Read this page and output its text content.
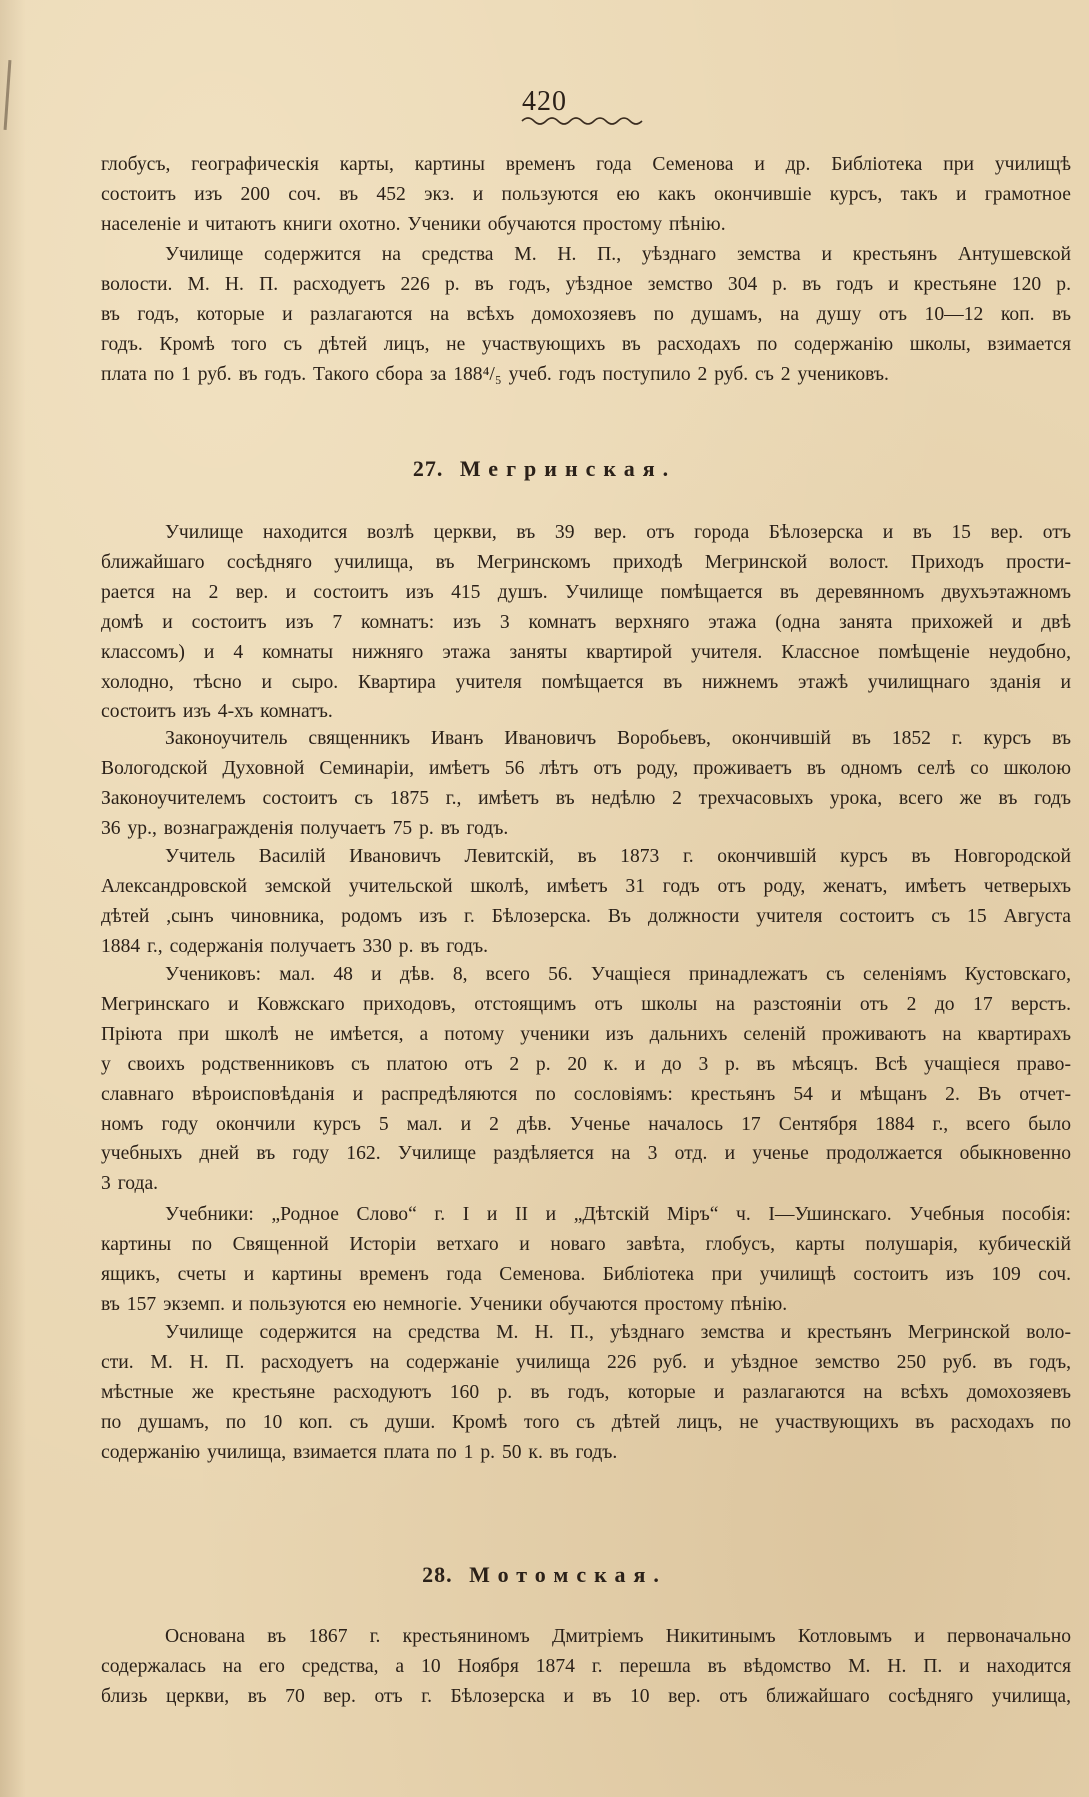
420

глобусъ, географическія карты, картины временъ года Семенова и др. Библіотека при училищѣ

состоитъ изъ 200 соч. въ 452 экз. и пользуются ею какъ окончившіе курсъ, такъ и грамотное

населеніе и читаютъ книги охотно. Ученики обучаются простому пѣнію.

Училище содержится на средства М. Н. П., уѣзднаго земства и крестьянъ Антушевской

волости. М. Н. П. расходуетъ 226 р. въ годъ, уѣздное земство 304 р. въ годъ и крестьяне 120 р.

въ годъ, которые и разлагаются на всѣхъ домохозяевъ по душамъ, на душу отъ 10—12 коп. въ

годъ. Кромѣ того съ дѣтей лицъ, не участвующихъ въ расходахъ по содержанію школы, взимается

плата по 1 руб. въ годъ. Такого сбора за 188⁴/₅ учеб. годъ поступило 2 руб. съ 2 учениковъ.

27. Мегринская.

Училище находится возлѣ церкви, въ 39 вер. отъ города Бѣлозерска и въ 15 вер. отъ

ближайшаго сосѣдняго училища, въ Мегринскомъ приходѣ Мегринской волост. Приходъ прости-

рается на 2 вер. и состоитъ изъ 415 душъ. Училище помѣщается въ деревянномъ двухъэтажномъ

домѣ и состоитъ изъ 7 комнатъ: изъ 3 комнатъ верхняго этажа (одна занята прихожей и двѣ

классомъ) и 4 комнаты нижняго этажа заняты квартирой учителя. Классное помѣщеніе неудобно,

холодно, тѣсно и сыро. Квартира учителя помѣщается въ нижнемъ этажѣ училищнаго зданія и

состоитъ изъ 4-хъ комнатъ.

Законоучитель священникъ Иванъ Ивановичъ Воробьевъ, окончившій въ 1852 г. курсъ въ

Вологодской Духовной Семинаріи, имѣетъ 56 лѣтъ отъ роду, проживаетъ въ одномъ селѣ со школою

Законоучителемъ состоитъ съ 1875 г., имѣетъ въ недѣлю 2 трехчасовыхъ урока, всего же въ годъ

36 ур., вознагражденія получаетъ 75 р. въ годъ.

Учитель Василій Ивановичъ Левитскій, въ 1873 г. окончившій курсъ въ Новгородской

Александровской земской учительской школѣ, имѣетъ 31 годъ отъ роду, женатъ, имѣетъ четверыхъ

дѣтей ,сынъ чиновника, родомъ изъ г. Бѣлозерска. Въ должности учителя состоитъ съ 15 Августа

1884 г., содержанія получаетъ 330 р. въ годъ.

Учениковъ: мал. 48 и дѣв. 8, всего 56. Учащіеся принадлежатъ съ селеніямъ Кустовскаго,

Мегринскаго и Ковжскаго приходовъ, отстоящимъ отъ школы на разстояніи отъ 2 до 17 верстъ.

Пріюта при школѣ не имѣется, а потому ученики изъ дальнихъ селеній проживаютъ на квартирахъ

у своихъ родственниковъ съ платою отъ 2 р. 20 к. и до 3 р. въ мѣсяцъ. Всѣ учащіеся право-

славнаго вѣроисповѣданія и распредѣляются по сословіямъ: крестьянъ 54 и мѣщанъ 2. Въ отчет-

номъ году окончили курсъ 5 мал. и 2 дѣв. Ученье началось 17 Сентября 1884 г., всего было

учебныхъ дней въ году 162. Училище раздѣляется на 3 отд. и ученье продолжается обыкновенно

3 года.

Учебники: „Родное Слово“ г. I и II и „Дѣтскій Міръ“ ч. I—Ушинскаго. Учебныя пособія:

картины по Священной Исторіи ветхаго и новаго завѣта, глобусъ, карты полушарія, кубическій

ящикъ, счеты и картины временъ года Семенова. Библіотека при училищѣ состоитъ изъ 109 соч.

въ 157 экземп. и пользуются ею немногіе. Ученики обучаются простому пѣнію.

Училище содержится на средства М. Н. П., уѣзднаго земства и крестьянъ Мегринской воло-

сти. М. Н. П. расходуетъ на содержаніе училища 226 руб. и уѣздное земство 250 руб. въ годъ,

мѣстные же крестьяне расходуютъ 160 р. въ годъ, которые и разлагаются на всѣхъ домохозяевъ

по душамъ, по 10 коп. съ души. Кромѣ того съ дѣтей лицъ, не участвующихъ въ расходахъ по

содержанію училища, взимается плата по 1 р. 50 к. въ годъ.

28. Мотомская.

Основана въ 1867 г. крестьяниномъ Дмитріемъ Никитинымъ Котловымъ и первоначально

содержалась на его средства, а 10 Ноября 1874 г. перешла въ вѣдомство М. Н. П. и находится

близь церкви, въ 70 вер. отъ г. Бѣлозерска и въ 10 вер. отъ ближайшаго сосѣдняго училища,
